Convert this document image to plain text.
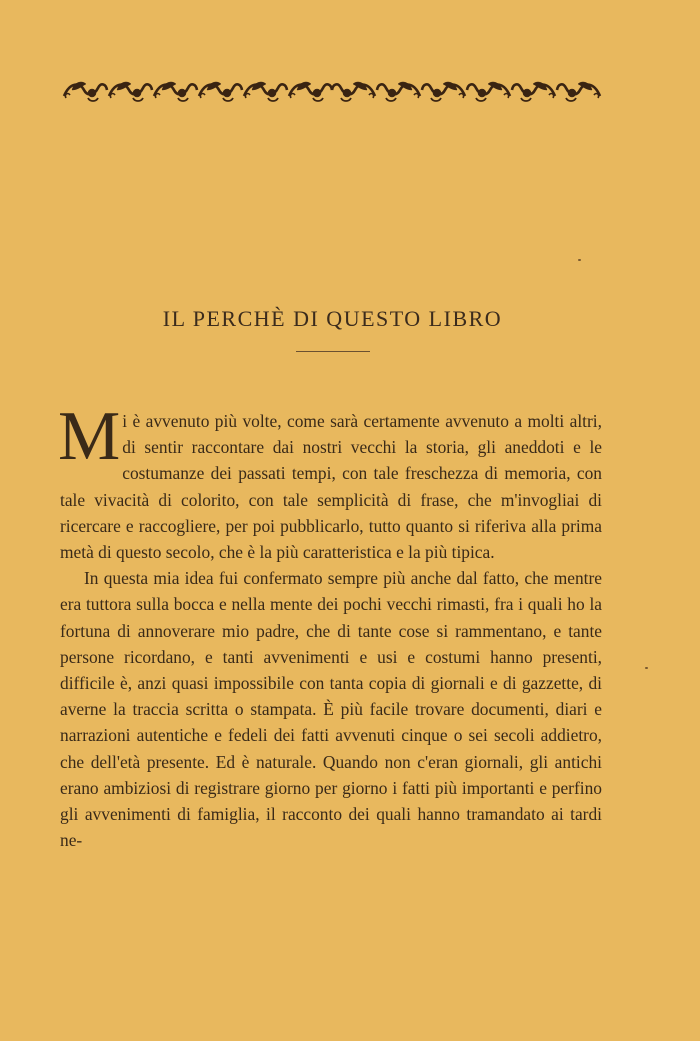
IL PERCHÈ DI QUESTO LIBRO

Mi è avvenuto più volte, come sarà certamente avvenuto a molti altri, di sentir raccontare dai nostri vecchi la storia, gli aneddoti e le costumanze dei passati tempi, con tale freschezza di memoria, con tale vivacità di colorito, con tale semplicità di frase, che m'invogliai di ricercare e raccogliere, per poi pubblicarlo, tutto quanto si riferiva alla prima metà di questo secolo, che è la più caratteristica e la più tipica.

In questa mia idea fui confermato sempre più anche dal fatto, che mentre era tuttora sulla bocca e nella mente dei pochi vecchi rimasti, fra i quali ho la fortuna di annoverare mio padre, che di tante cose si rammentano, e tante persone ricordano, e tanti avvenimenti e usi e costumi hanno presenti, difficile è, anzi quasi impossibile con tanta copia di giornali e di gazzette, di averne la traccia scritta o stampata. È più facile trovare documenti, diari e narrazioni autentiche e fedeli dei fatti avvenuti cinque o sei secoli addietro, che dell'età presente. Ed è naturale. Quando non c'eran giornali, gli antichi erano ambiziosi di registrare giorno per giorno i fatti più importanti e perfino gli avvenimenti di famiglia, il racconto dei quali hanno tramandato ai tardi ne-
